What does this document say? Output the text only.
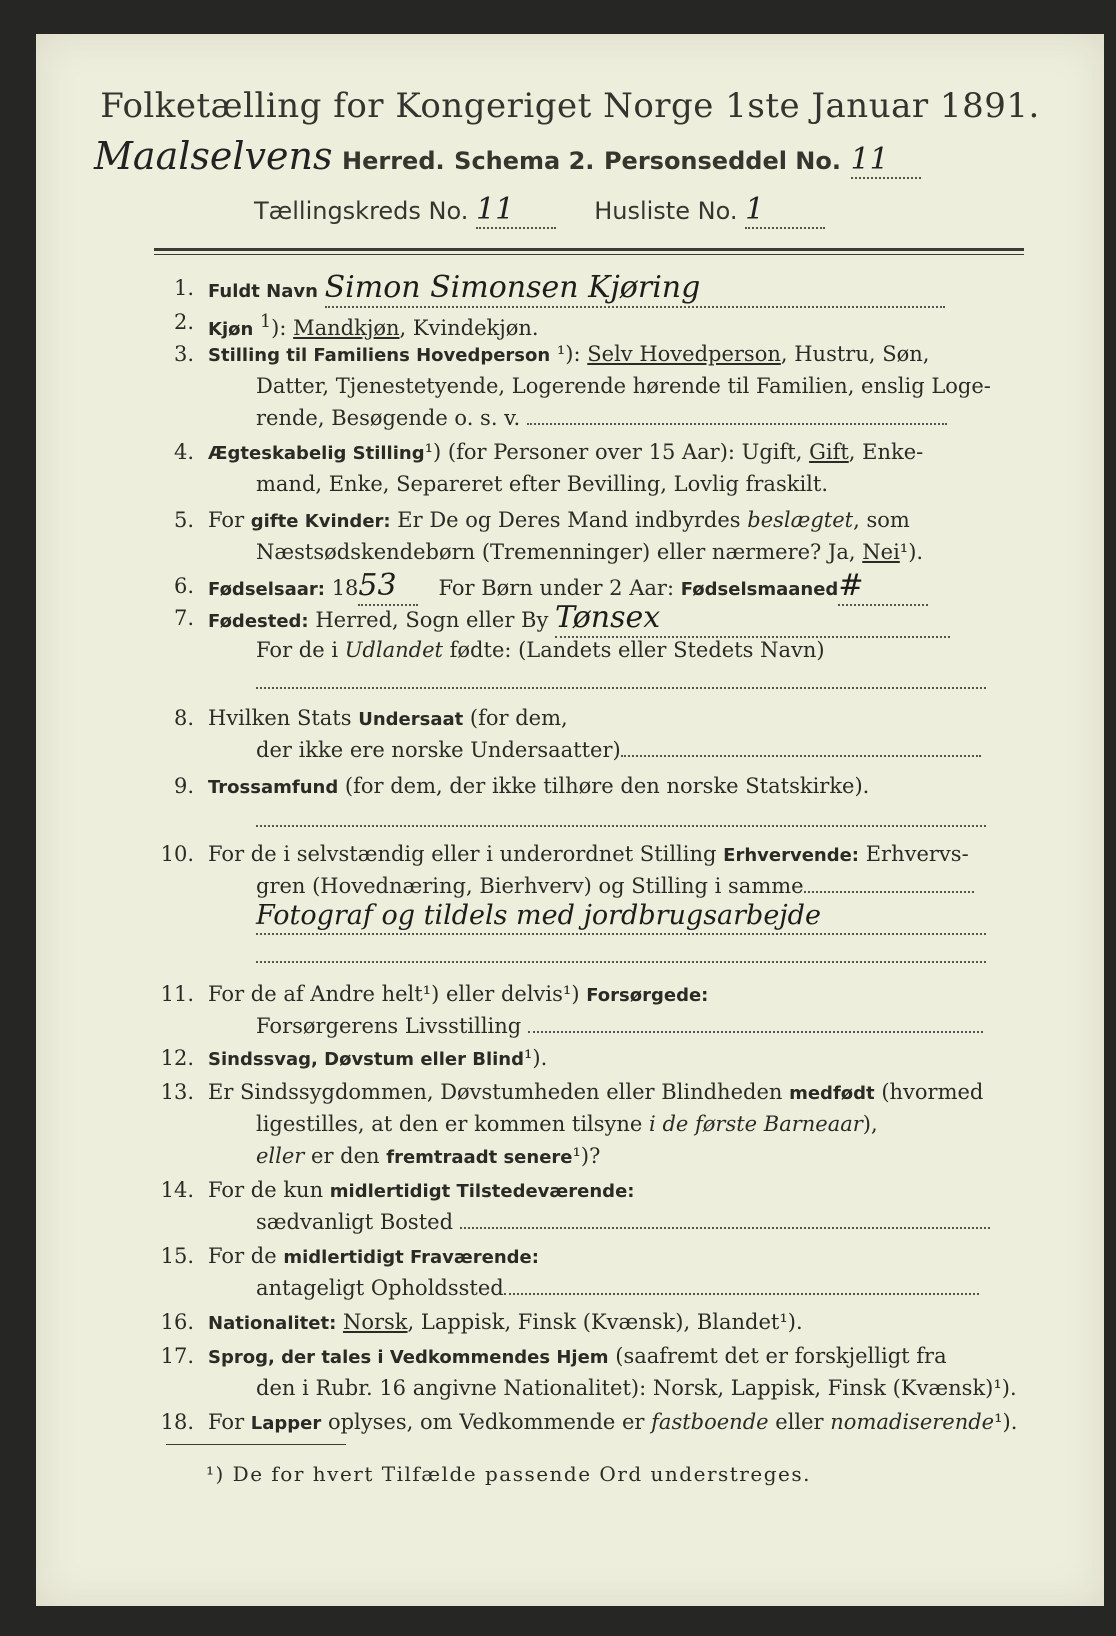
Folketælling for Kongeriget Norge 1ste Januar 1891.
Maalselvens Herred. Schema 2. Personseddel No. 11
Tællingskreds No. 11	Husliste No. 1
1. Fuldt Navn Simon Simonsen Kjøring
2. Kjøn $^1$): Mandkjøn, Kvindekjøn.
3. Stilling til Familiens Hovedperson ¹): Selv Hovedperson, Hustru, Søn,
Datter, Tjenestetyende, Logerende hørende til Familien, enslig Loge-
rende, Besøgende o. s. v.
4. Ægteskabelig Stilling¹) (for Personer over 15 Aar): Ugift, Gift, Enke-
mand, Enke, Separeret efter Bevilling, Lovlig fraskilt.
5. For gifte Kvinder: Er De og Deres Mand indbyrdes beslægtet, som
Næstsødskendebørn (Tremenninger) eller nærmere? Ja, Nei¹).
6. Fødselsaar: 1853 For Børn under 2 Aar: Fødselsmaaned#
7. Fødested: Herred, Sogn eller By Tønsex
For de i Udlandet fødte: (Landets eller Stedets Navn)
8. Hvilken Stats Undersaat (for dem,
der ikke ere norske Undersaatter)
9. Trossamfund (for dem, der ikke tilhøre den norske Statskirke).
10. For de i selvstændig eller i underordnet Stilling Erhvervende: Erhvervs-
gren (Hovednæring, Bierhverv) og Stilling i samme
Fotograf og tildels med jordbrugsarbejde
11. For de af Andre helt¹) eller delvis¹) Forsørgede:
Forsørgerens Livsstilling
12. Sindssvag, Døvstum eller Blind¹).
13. Er Sindssygdommen, Døvstumheden eller Blindheden medfødt (hvormed
ligestilles, at den er kommen tilsyne i de første Barneaar),
eller er den fremtraadt senere¹)?
14. For de kun midlertidigt Tilstedeværende:
sædvanligt Bosted
15. For de midlertidigt Fraværende:
antageligt Opholdssted
16. Nationalitet: Norsk, Lappisk, Finsk (Kvænsk), Blandet¹).
17. Sprog, der tales i Vedkommendes Hjem (saafremt det er forskjelligt fra
den i Rubr. 16 angivne Nationalitet): Norsk, Lappisk, Finsk (Kvænsk)¹).
18. For Lapper oplyses, om Vedkommende er fastboende eller nomadiserende¹).
¹) De for hvert Tilfælde passende Ord understreges.
